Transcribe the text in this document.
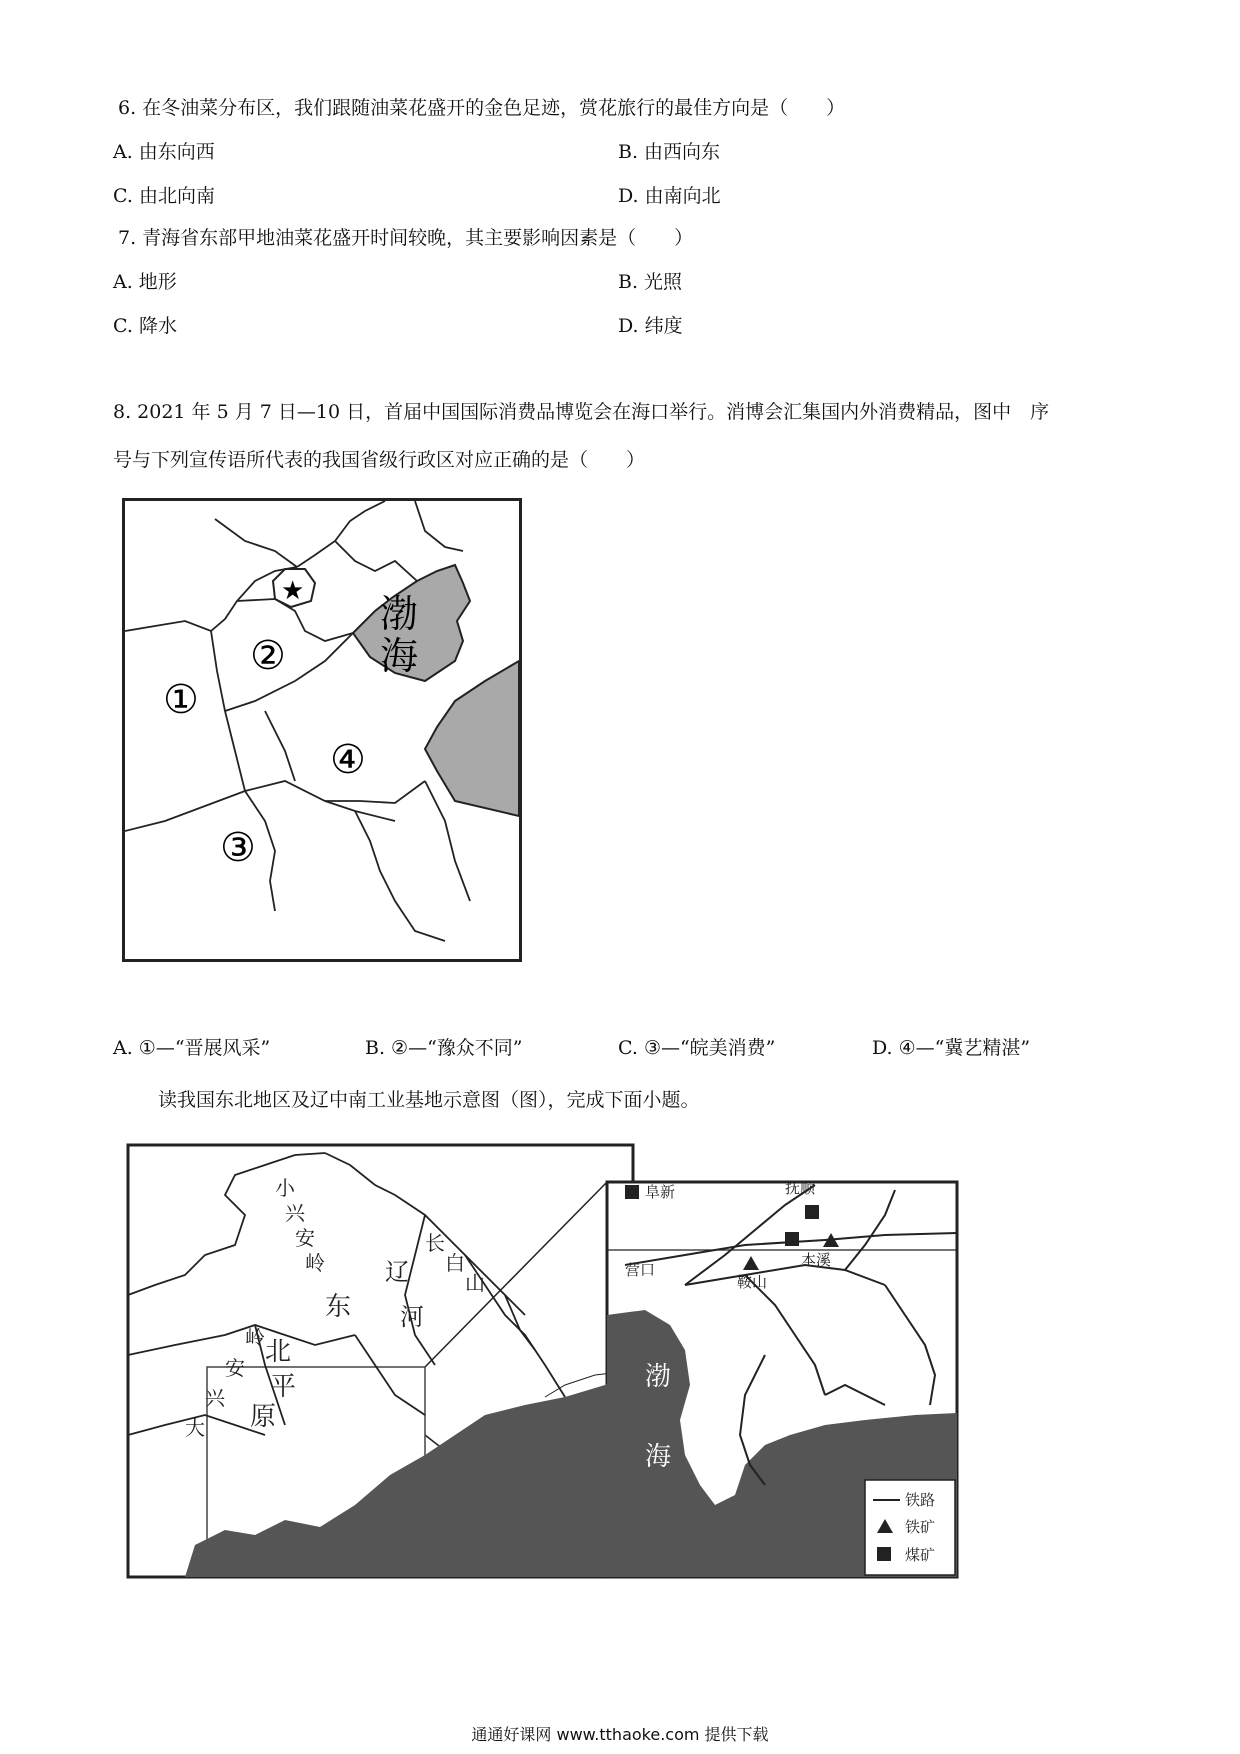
6. 在冬油菜分布区，我们跟随油菜花盛开的金色足迹，赏花旅行的最佳方向是（　　）
A. 由东向西	B. 由西向东
C. 由北向南	D. 由南向北
7. 青海省东部甲地油菜花盛开时间较晚，其主要影响因素是（　　）
A. 地形	B. 光照
C. 降水	D. 纬度
8. 2021 年 5 月 7 日—10 日，首届中国国际消费品博览会在海口举行。消博会汇集国内外消费精品，图中　序
号与下列宣传语所代表的我国省级行政区对应正确的是（　　）
★
渤
海
①
②
③
④
A. ①—“晋展风采”	B. ②—“豫众不同”	C. ③—“皖美消费”	D. ④—“冀艺精湛”
读我国东北地区及辽中南工业基地示意图（图），完成下面小题。
小
兴
安
岭
大
兴
安
岭
长
白
山
东
北
平
原
辽
河
阜新	抚顺
本溪
鞍山
营口
渤
海
铁路
铁矿
煤矿
通通好课网 www.tthaoke.com 提供下载
